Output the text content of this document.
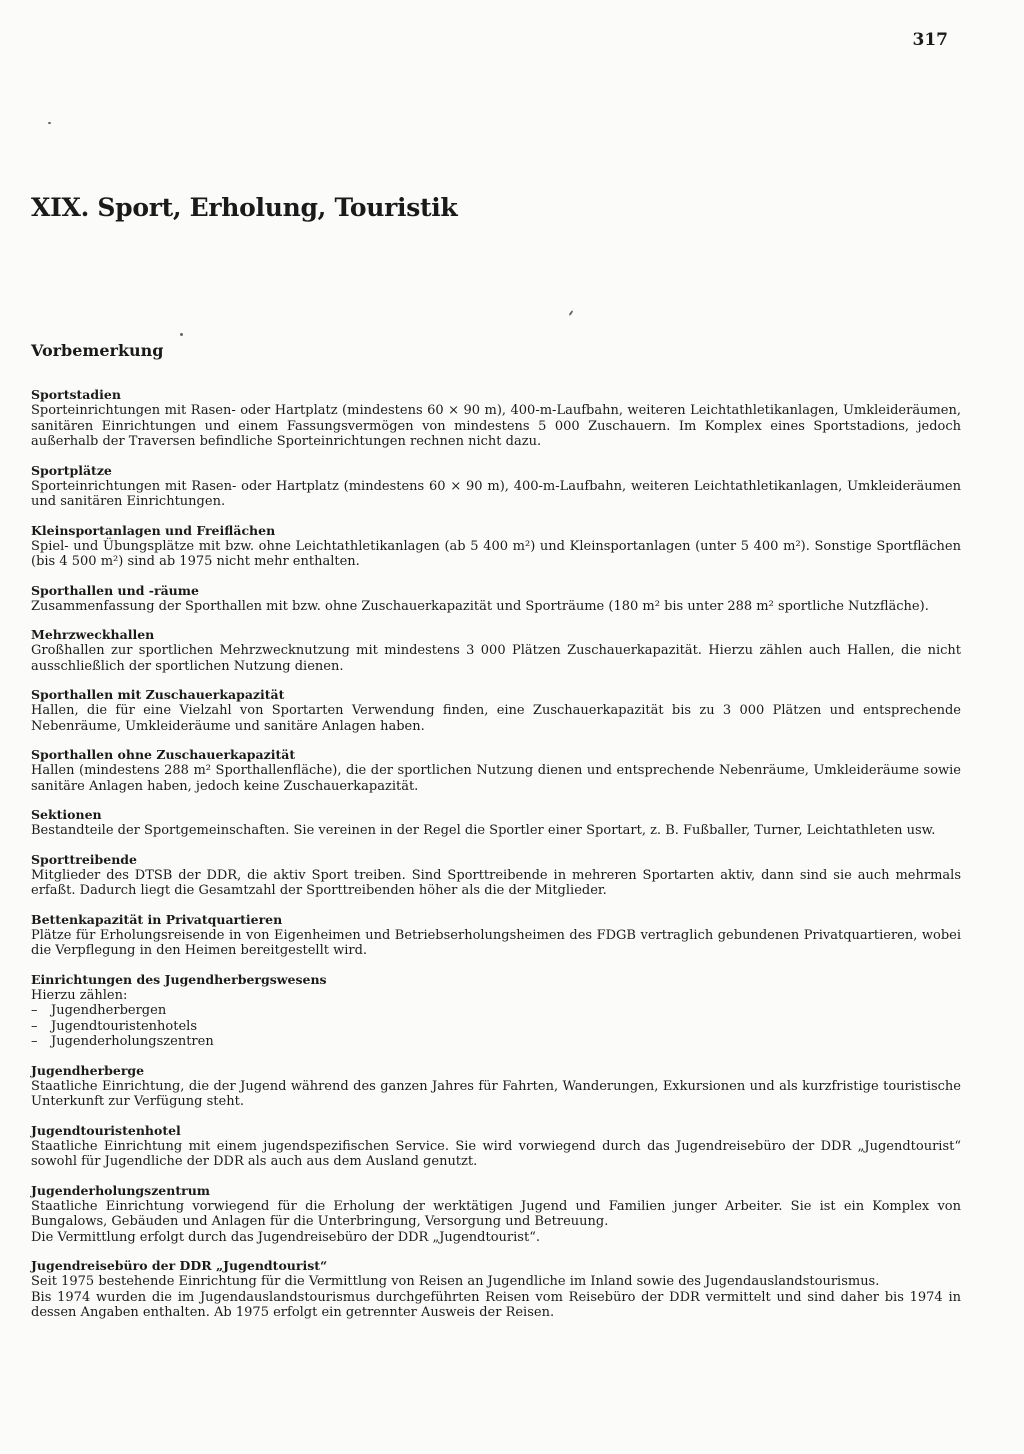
317
XIX. Sport, Erholung, Touristik
Vorbemerkung

Sportstadien

Sporteinrichtungen mit Rasen- oder Hartplatz (mindestens 60 × 90 m), 400-m-Laufbahn, weiteren Leichtathletikanlagen, Umkleideräumen, sanitären Einrichtungen und einem Fassungsvermögen von mindestens 5 000 Zuschauern. Im Komplex eines Sportstadions, jedoch außerhalb der Traversen befindliche Sporteinrichtungen rechnen nicht dazu.

Sportplätze

Sporteinrichtungen mit Rasen- oder Hartplatz (mindestens 60 × 90 m), 400-m-Laufbahn, weiteren Leichtathletikanlagen, Umkleideräumen und sanitären Einrichtungen.

Kleinsportanlagen und Freiflächen

Spiel- und Übungsplätze mit bzw. ohne Leichtathletikanlagen (ab 5 400 m²) und Kleinsportanlagen (unter 5 400 m²). Sonstige Sportflächen (bis 4 500 m²) sind ab 1975 nicht mehr enthalten.

Sporthallen und -räume

Zusammenfassung der Sporthallen mit bzw. ohne Zuschauerkapazität und Sporträume (180 m² bis unter 288 m² sportliche Nutzfläche).

Mehrzweckhallen

Großhallen zur sportlichen Mehrzwecknutzung mit mindestens 3 000 Plätzen Zuschauerkapazität. Hierzu zählen auch Hallen, die nicht ausschließlich der sportlichen Nutzung dienen.

Sporthallen mit Zuschauerkapazität

Hallen, die für eine Vielzahl von Sportarten Verwendung finden, eine Zuschauerkapazität bis zu 3 000 Plätzen und entsprechende Nebenräume, Umkleideräume und sanitäre Anlagen haben.

Sporthallen ohne Zuschauerkapazität

Hallen (mindestens 288 m² Sporthallenfläche), die der sportlichen Nutzung dienen und entsprechende Nebenräume, Umkleideräume sowie sanitäre Anlagen haben, jedoch keine Zuschauerkapazität.

Sektionen

Bestandteile der Sportgemeinschaften. Sie vereinen in der Regel die Sportler einer Sportart, z. B. Fußballer, Turner, Leichtathleten usw.

Sporttreibende

Mitglieder des DTSB der DDR, die aktiv Sport treiben. Sind Sporttreibende in mehreren Sportarten aktiv, dann sind sie auch mehrmals erfaßt. Dadurch liegt die Gesamtzahl der Sporttreibenden höher als die der Mitglieder.

Bettenkapazität in Privatquartieren

Plätze für Erholungsreisende in von Eigenheimen und Betriebserholungsheimen des FDGB vertraglich gebundenen Privatquartieren, wobei die Verpflegung in den Heimen bereitgestellt wird.

Einrichtungen des Jugendherbergswesens

Hierzu zählen:

– Jugendherbergen
– Jugendtouristenhotels
– Jugenderholungszentren

Jugendherberge

Staatliche Einrichtung, die der Jugend während des ganzen Jahres für Fahrten, Wanderungen, Exkursionen und als kurzfristige touristische Unterkunft zur Verfügung steht.

Jugendtouristenhotel

Staatliche Einrichtung mit einem jugendspezifischen Service. Sie wird vorwiegend durch das Jugendreisebüro der DDR „Jugendtourist“ sowohl für Jugendliche der DDR als auch aus dem Ausland genutzt.

Jugenderholungszentrum

Staatliche Einrichtung vorwiegend für die Erholung der werktätigen Jugend und Familien junger Arbeiter. Sie ist ein Komplex von Bungalows, Gebäuden und Anlagen für die Unterbringung, Versorgung und Betreuung.

Die Vermittlung erfolgt durch das Jugendreisebüro der DDR „Jugendtourist“.

Jugendreisebüro der DDR „Jugendtourist“

Seit 1975 bestehende Einrichtung für die Vermittlung von Reisen an Jugendliche im Inland sowie des Jugendauslandstourismus.

Bis 1974 wurden die im Jugendauslandstourismus durchgeführten Reisen vom Reisebüro der DDR vermittelt und sind daher bis 1974 in dessen Angaben enthalten. Ab 1975 erfolgt ein getrennter Ausweis der Reisen.
